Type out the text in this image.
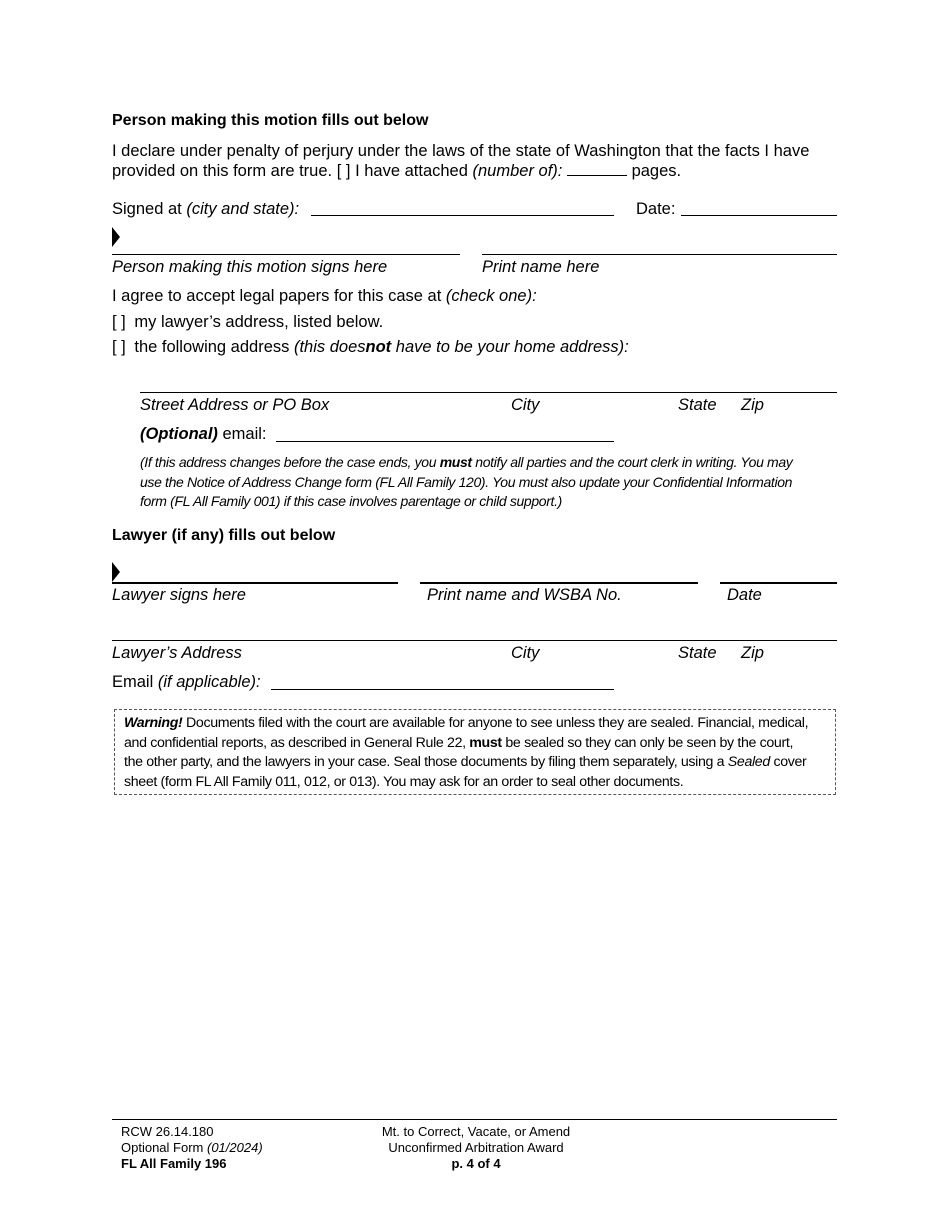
Person making this motion fills out below
I declare under penalty of perjury under the laws of the state of Washington that the facts I have
provided on this form are true. [ ] I have attached (number of):	pages.
Signed at (city and state):	Date:
Person making this motion signs here	Print name here
I agree to accept legal papers for this case at (check one):
[ ] my lawyer’s address, listed below.
[ ] the following address (this doesnot have to be your home address):
Street Address or PO Box	City	State Zip
(Optional) email:
(If this address changes before the case ends, you must notify all parties and the court clerk in writing. You may
use the Notice of Address Change form (FL All Family 120). You must also update your Confidential Information
form (FL All Family 001) if this case involves parentage or child support.)
Lawyer (if any) fills out below
Lawyer signs here	Print name and WSBA No.	Date
Lawyer’s Address	City	State Zip
Email (if applicable):
Warning! Documents filed with the court are available for anyone to see unless they are sealed. Financial, medical,
and confidential reports, as described in General Rule 22, must be sealed so they can only be seen by the court,
the other party, and the lawyers in your case. Seal those documents by filing them separately, using a Sealed cover
sheet (form FL All Family 011, 012, or 013). You may ask for an order to seal other documents.
RCW 26.14.180
Optional Form (01/2024)
FL All Family 196
Mt. to Correct, Vacate, or Amend
Unconfirmed Arbitration Award
p. 4 of 4
